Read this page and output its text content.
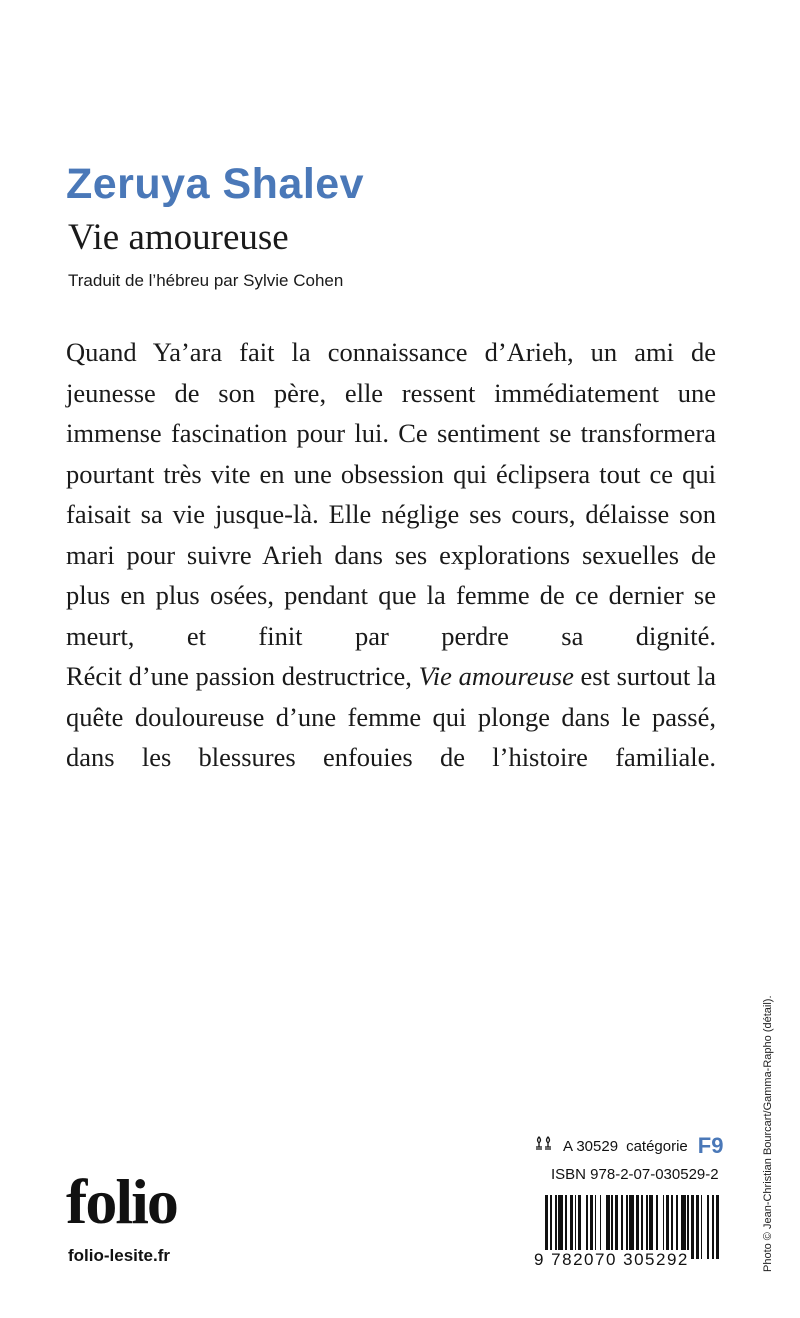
Zeruya Shalev
Vie amoureuse
Traduit de l’hébreu par Sylvie Cohen

Quand Ya’ara fait la connaissance d’Arieh, un ami de jeunesse de son père, elle ressent immédiatement une immense fascination pour lui. Ce sentiment se transformera pourtant très vite en une obsession qui éclipsera tout ce qui faisait sa vie jusque-là. Elle néglige ses cours, délaisse son mari pour suivre Arieh dans ses explorations sexuelles de plus en plus osées, pendant que la femme de ce dernier se meurt, et finit par perdre sa dignité.

Récit d’une passion destructrice, Vie amoureuse est surtout la quête douloureuse d’une femme qui plonge dans le passé, dans les blessures enfouies de l’histoire familiale.

Photo © Jean-Christian Bourcart/Gamma-Rapho (détail).
A 30529 catégorie F9
ISBN 978-2-07-030529-2
9 782070 305292
folio
folio-lesite.fr
